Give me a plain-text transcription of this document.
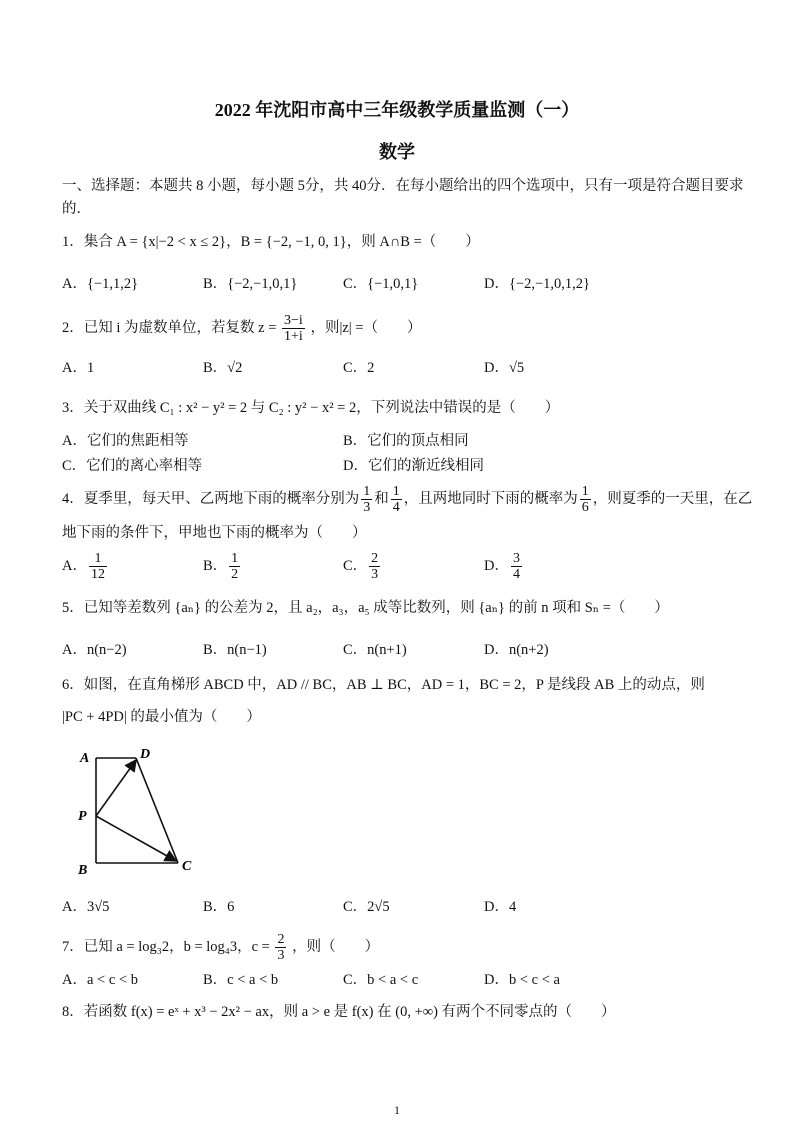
2022 年沈阳市高中三年级教学质量监测（一）
数学
一、选择题：本题共 8 小题，每小题 5分，共 40分．在每小题给出的四个选项中，只有一项是符合题目要求
的．
1．集合 A = {x|−2 < x ≤ 2}，B = {−2, −1, 0, 1}，则 A∩B =（　　）
A．{−1,1,2}	B．{−2,−1,0,1}	C．{−1,0,1}	D．{−2,−1,0,1,2}
2．已知 i 为虚数单位，若复数 $z = \frac{3-i}{1+i}$ ，则|z| =（　　）
A．1	B．√2	C．2	D．√5
3．关于双曲线 C₁ : x² − y² = 2 与 C₂ : y² − x² = 2，下列说法中错误的是（　　）
A．它们的焦距相等	B．它们的顶点相同
C．它们的离心率相等	D．它们的渐近线相同
4．夏季里，每天甲、乙两地下雨的概率分别为 $\frac{1}{3}$ 和 $\frac{1}{4}$ ，且两地同时下雨的概率为 $\frac{1}{6}$ ，则夏季的一天里，在乙
地下雨的条件下，甲地也下雨的概率为（　　）
A． $\frac{1}{12}$	B． $\frac{1}{2}$	C． $\frac{2}{3}$	D． $\frac{3}{4}$
5．已知等差数列 {aₙ} 的公差为 2，且 a₂，a₃，a₅ 成等比数列，则 {aₙ} 的前 n 项和 Sₙ =（　　）
A．n(n−2)	B．n(n−1)	C．n(n+1)	D．n(n+2)
6．如图，在直角梯形 ABCD 中，AD // BC，AB ⊥ BC，AD = 1，BC = 2，P 是线段 AB 上的动点，则
|PC + 4PD| 的最小值为（　　）
A	D
P
B	C
A．3√5	B．6	C．2√5	D．4
7．已知 a = log₃2，b = log₄3，$c = \frac{2}{3}$ ，则（　　）
A．a < c < b	B．c < a < b	C．b < a < c	D．b < c < a
8．若函数 f(x) = eˣ + x³ − 2x² − ax，则 a > e 是 f(x) 在 (0, +∞) 有两个不同零点的（　　）
1
